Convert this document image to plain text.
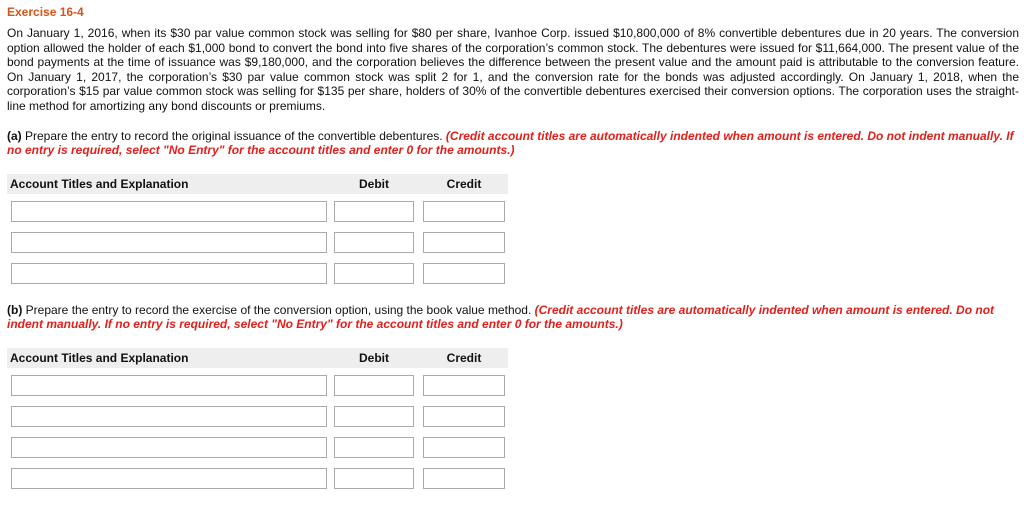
Exercise 16-4
On January 1, 2016, when its $30 par value common stock was selling for $80 per share, Ivanhoe Corp. issued $10,800,000 of 8% convertible debentures due in 20 years. The conversion option allowed the holder of each $1,000 bond to convert the bond into five shares of the corporation’s common stock. The debentures were issued for $11,664,000. The present value of the bond payments at the time of issuance was $9,180,000, and the corporation believes the difference between the present value and the amount paid is attributable to the conversion feature. On January 1, 2017, the corporation’s $30 par value common stock was split 2 for 1, and the conversion rate for the bonds was adjusted accordingly. On January 1, 2018, when the corporation’s $15 par value common stock was selling for $135 per share, holders of 30% of the convertible debentures exercised their conversion options. The corporation uses the straight-line method for amortizing any bond discounts or premiums.
(a) Prepare the entry to record the original issuance of the convertible debentures. (Credit account titles are automatically indented when amount is entered. Do not indent manually. If no entry is required, select "No Entry" for the account titles and enter 0 for the amounts.)
Account Titles and Explanation	Debit	Credit
(b) Prepare the entry to record the exercise of the conversion option, using the book value method. (Credit account titles are automatically indented when amount is entered. Do not indent manually. If no entry is required, select "No Entry" for the account titles and enter 0 for the amounts.)
Account Titles and Explanation	Debit	Credit
